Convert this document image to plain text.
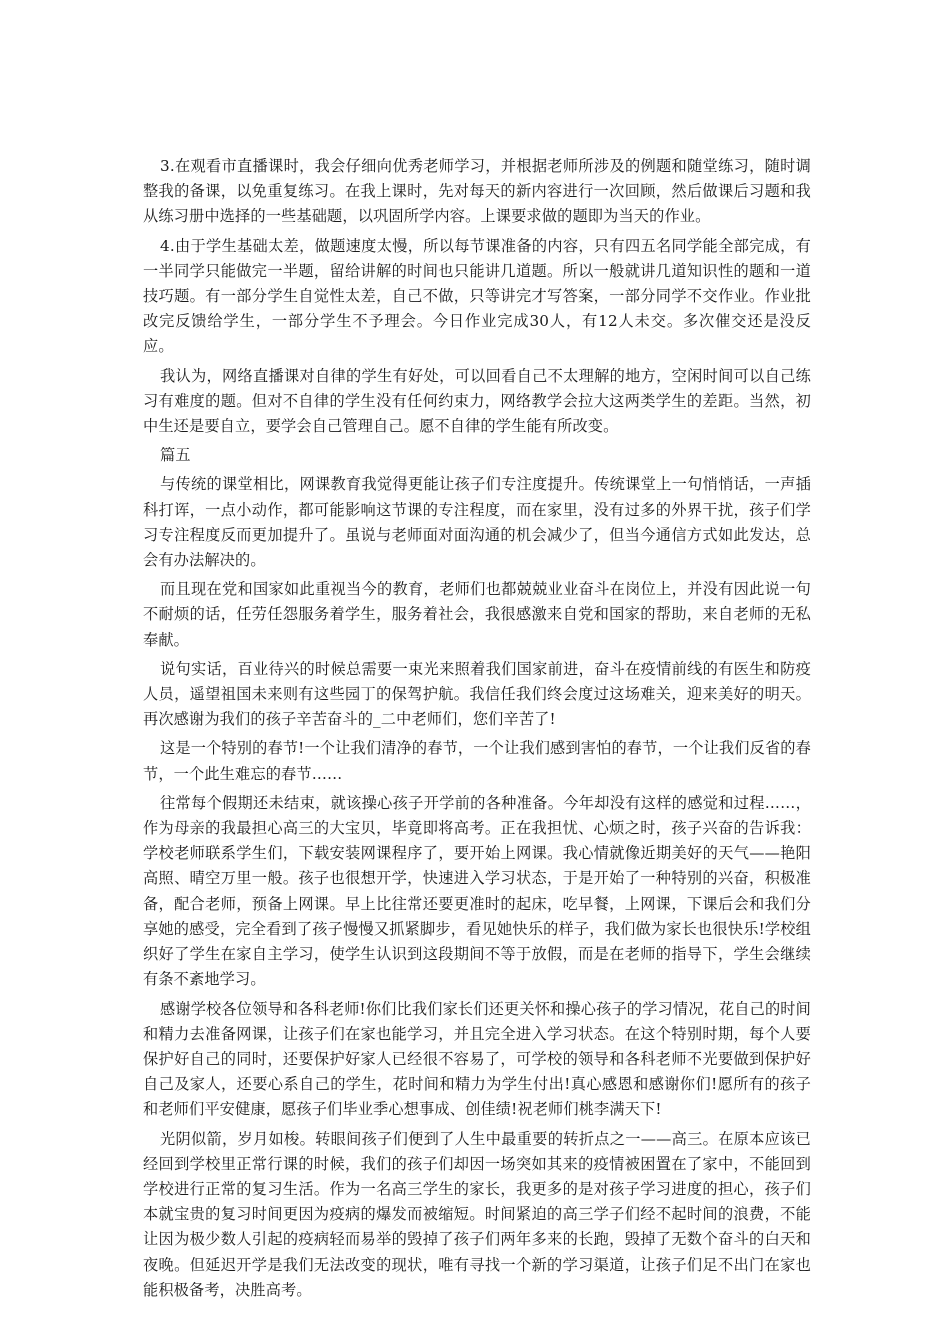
3.在观看市直播课时，我会仔细向优秀老师学习，并根据老师所涉及的例题和随堂练习，随时调整我的备课，以免重复练习。在我上课时，先对每天的新内容进行一次回顾，然后做课后习题和我从练习册中选择的一些基础题，以巩固所学内容。上课要求做的题即为当天的作业。

4.由于学生基础太差，做题速度太慢，所以每节课准备的内容，只有四五名同学能全部完成，有一半同学只能做完一半题，留给讲解的时间也只能讲几道题。所以一般就讲几道知识性的题和一道技巧题。有一部分学生自觉性太差，自己不做，只等讲完才写答案，一部分同学不交作业。作业批改完反馈给学生，一部分学生不予理会。今日作业完成30人，有12人未交。多次催交还是没反应。

我认为，网络直播课对自律的学生有好处，可以回看自己不太理解的地方，空闲时间可以自己练习有难度的题。但对不自律的学生没有任何约束力，网络教学会拉大这两类学生的差距。当然，初中生还是要自立，要学会自己管理自己。愿不自律的学生能有所改变。

篇五

与传统的课堂相比，网课教育我觉得更能让孩子们专注度提升。传统课堂上一句悄悄话，一声插科打诨，一点小动作，都可能影响这节课的专注程度，而在家里，没有过多的外界干扰，孩子们学习专注程度反而更加提升了。虽说与老师面对面沟通的机会减少了，但当今通信方式如此发达，总会有办法解决的。

而且现在党和国家如此重视当今的教育，老师们也都兢兢业业奋斗在岗位上，并没有因此说一句不耐烦的话，任劳任怨服务着学生，服务着社会，我很感激来自党和国家的帮助，来自老师的无私奉献。

说句实话，百业待兴的时候总需要一束光来照着我们国家前进，奋斗在疫情前线的有医生和防疫人员，遥望祖国未来则有这些园丁的保驾护航。我信任我们终会度过这场难关，迎来美好的明天。再次感谢为我们的孩子辛苦奋斗的_二中老师们，您们辛苦了!

这是一个特别的春节!一个让我们清净的春节，一个让我们感到害怕的春节，一个让我们反省的春节，一个此生难忘的春节……

往常每个假期还未结束，就该操心孩子开学前的各种准备。今年却没有这样的感觉和过程……，作为母亲的我最担心高三的大宝贝，毕竟即将高考。正在我担忧、心烦之时，孩子兴奋的告诉我：学校老师联系学生们，下载安装网课程序了，要开始上网课。我心情就像近期美好的天气——艳阳高照、晴空万里一般。孩子也很想开学，快速进入学习状态，于是开始了一种特别的兴奋，积极准备，配合老师，预备上网课。早上比往常还要更准时的起床，吃早餐，上网课，下课后会和我们分享她的感受，完全看到了孩子慢慢又抓紧脚步，看见她快乐的样子，我们做为家长也很快乐!学校组织好了学生在家自主学习，使学生认识到这段期间不等于放假，而是在老师的指导下，学生会继续有条不紊地学习。

感谢学校各位领导和各科老师!你们比我们家长们还更关怀和操心孩子的学习情况，花自己的时间和精力去准备网课，让孩子们在家也能学习，并且完全进入学习状态。在这个特别时期，每个人要保护好自己的同时，还要保护好家人已经很不容易了，可学校的领导和各科老师不光要做到保护好自己及家人，还要心系自己的学生，花时间和精力为学生付出!真心感恩和感谢你们!愿所有的孩子和老师们平安健康，愿孩子们毕业季心想事成、创佳绩!祝老师们桃李满天下!

光阴似箭，岁月如梭。转眼间孩子们便到了人生中最重要的转折点之一——高三。在原本应该已经回到学校里正常行课的时候，我们的孩子们却因一场突如其来的疫情被困置在了家中，不能回到学校进行正常的复习生活。作为一名高三学生的家长，我更多的是对孩子学习进度的担心，孩子们本就宝贵的复习时间更因为疫病的爆发而被缩短。时间紧迫的高三学子们经不起时间的浪费，不能让因为极少数人引起的疫病轻而易举的毁掉了孩子们两年多来的长跑，毁掉了无数个奋斗的白天和夜晚。但延迟开学是我们无法改变的现状，唯有寻找一个新的学习渠道，让孩子们足不出门在家也能积极备考，决胜高考。
